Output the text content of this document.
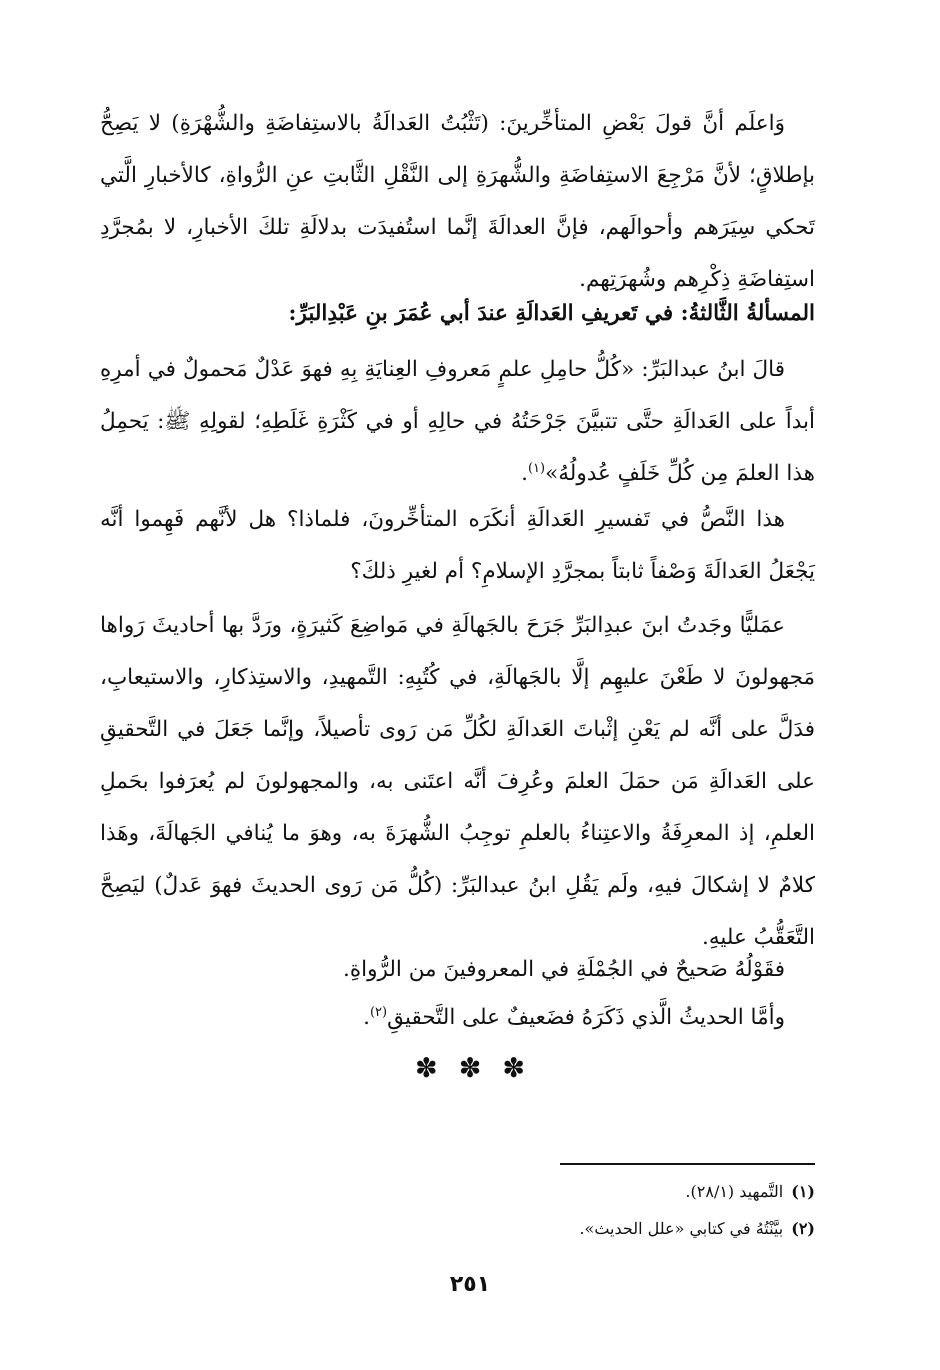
وَاعلَم أنَّ قولَ بَعْضِ المتأخِّرينَ: (تَثْبُتُ العَدالَةُ بالاستِفاضَةِ والشُّهْرَةِ) لا يَصِحُّ بإطلاقٍ؛ لأنَّ مَرْجِعَ الاستِفاضَةِ والشُّهرَةِ إلى النَّقْلِ الثَّابتِ عنِ الرُّواةِ، كالأخبارِ الَّتي تَحكي سِيَرَهم وأحوالَهم، فإنَّ العدالَةَ إنَّما استُفيدَت بدلالَةِ تلكَ الأخبارِ، لا بمُجرَّدِ استِفاضَةِ ذِكْرِهم وشُهرَتِهم.

المسألةُ الثَّالثةُ: في تَعريفِ العَدالَةِ عندَ أبي عُمَرَ بنِ عَبْدِالبَرِّ:

قالَ ابنُ عبدالبَرِّ: «كُلُّ حامِلِ علمٍ مَعروفِ العِنايَةِ بِهِ فهوَ عَدْلٌ مَحمولٌ في أمرِهِ أبداً على العَدالَةِ حتَّى تتبيَّنَ جَرْحَتُهُ في حالِهِ أو في كَثْرَةِ غَلَطِهِ؛ لقولِهِ ﷺ: يَحمِلُ هذا العلمَ مِن كُلِّ خَلَفٍ عُدولُهُ»$^{(١)}$.

هذا النَّصُّ في تَفسيرِ العَدالَةِ أنكَرَه المتأخِّرونَ، فلماذا؟ هل لأنَّهم فَهِموا أنَّه يَجْعَلُ العَدالَةَ وَصْفاً ثابتاً بمجرَّدِ الإسلامِ؟ أم لغيرِ ذلكَ؟

عمَليًّا وجَدتُ ابنَ عبدِالبَرِّ جَرَحَ بالجَهالَةِ في مَواضِعَ كَثيرَةٍ، ورَدَّ بها أحاديثَ رَواها مَجهولونَ لا طَعْنَ عليهِم إلَّا بالجَهالَةِ، في كُتُبِهِ: التَّمهيدِ، والاستِذكارِ، والاستيعابِ، فدَلَّ على أنَّه لم يَعْنِ إثْباتَ العَدالَةِ لكُلِّ مَن رَوى تأصيلاً، وإنَّما جَعَلَ في التَّحقيقِ على العَدالَةِ مَن حمَلَ العلمَ وعُرِفَ أنَّه اعتَنى به، والمجهولونَ لم يُعرَفوا بحَملِ العلمِ، إذ المعرِفَةُ والاعتِناءُ بالعلمِ توجِبُ الشُّهرَةَ به، وهوَ ما يُنافي الجَهالَةَ، وهَذا كلامٌ لا إشكالَ فيهِ، ولَم يَقُلِ ابنُ عبدالبَرِّ: (كُلُّ مَن رَوى الحديثَ فهوَ عَدلٌ) ليَصِحَّ التَّعَقُّبُ عليهِ.

فقَوْلُهُ صَحيحٌ في الجُمْلَةِ في المعروفينَ من الرُّواةِ.

وأمَّا الحديثُ الَّذي ذَكَرَهُ فضَعيفٌ على التَّحقيقِ$^{(٢)}$.

✽ ✽ ✽

(١)التَّمهيد (٢٨/١).

(٢)بيَّنْتُهُ في كتابي «علل الحديث».

٢٥١
